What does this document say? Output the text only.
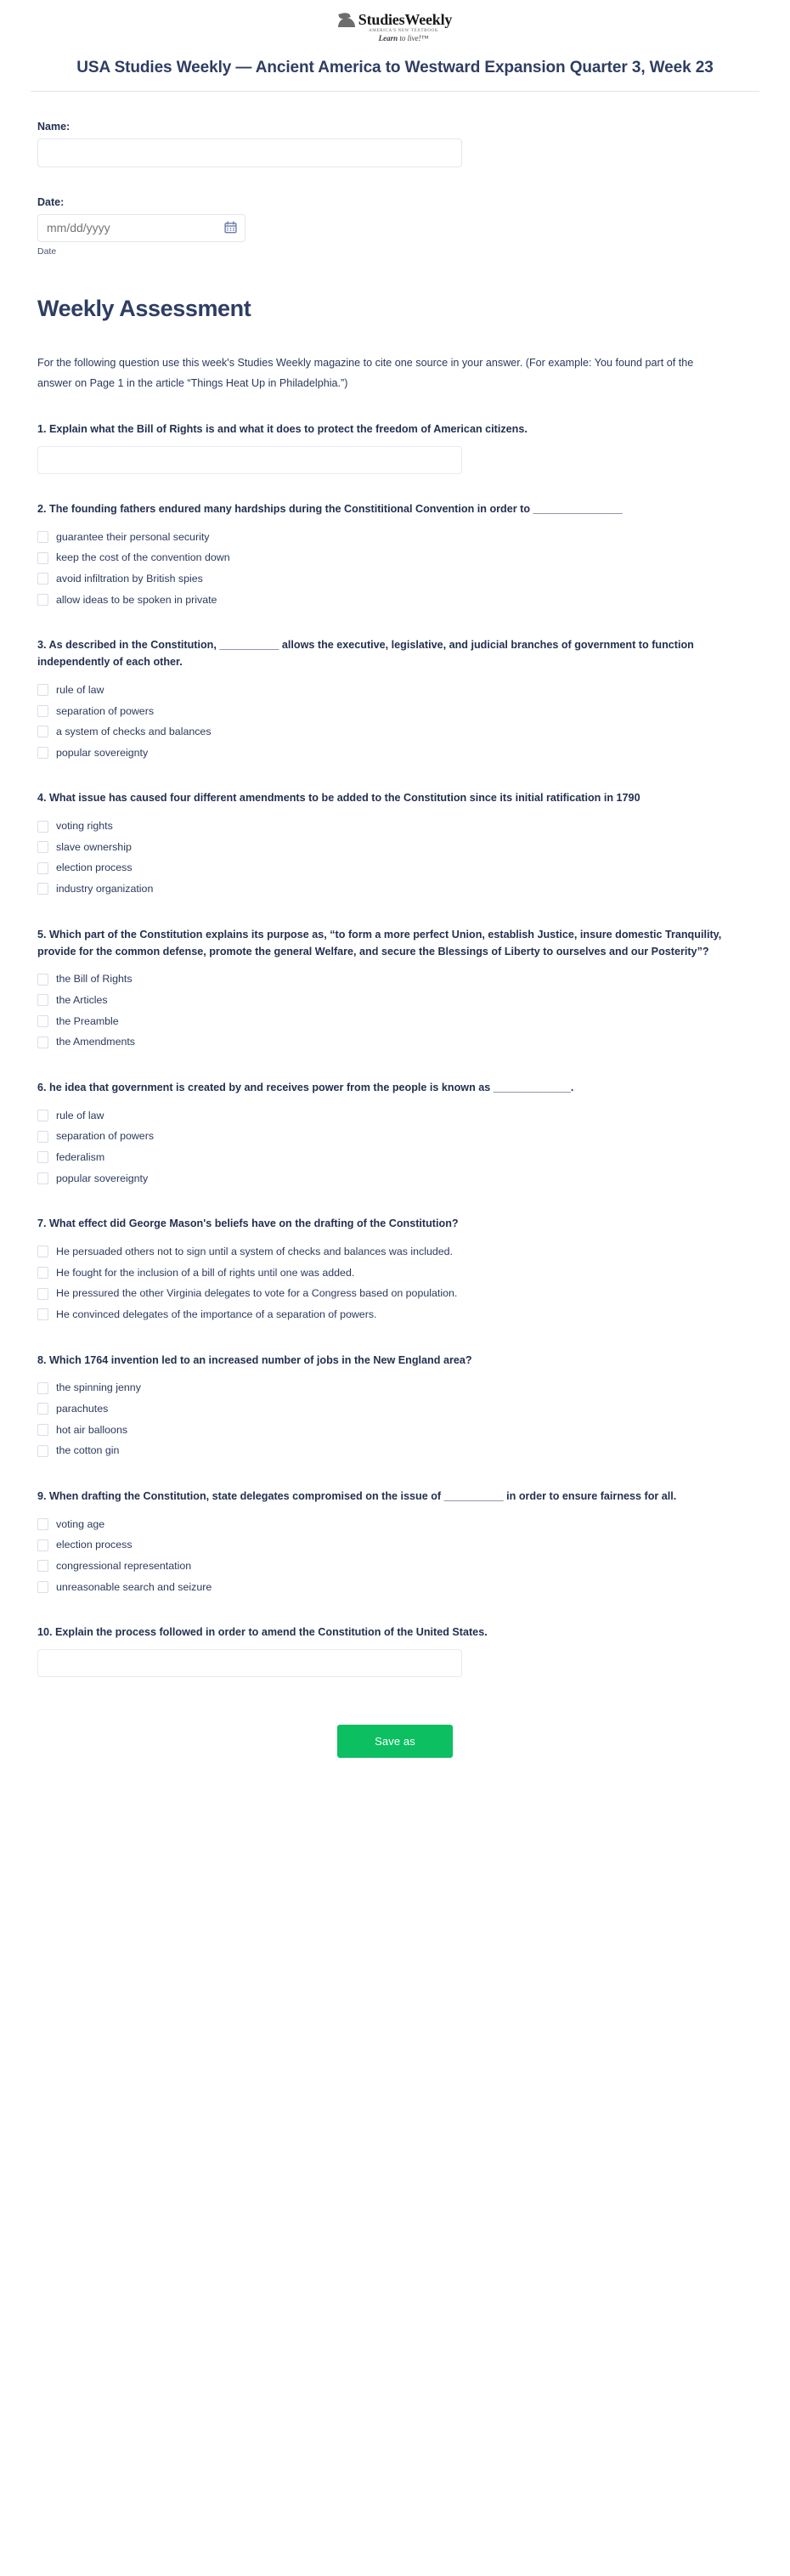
StudiesWeekly
AMERICA'S NEW TEXTBOOK
Learn to live!™
USA Studies Weekly — Ancient America to Westward Expansion Quarter 3, Week 23
Name:
Date:
mm/dd/yyyy
Date
Weekly Assessment
For the following question use this week's Studies Weekly magazine to cite one source in your answer. (For example: You found part of the answer on Page 1 in the article “Things Heat Up in Philadelphia.”)
1. Explain what the Bill of Rights is and what it does to protect the freedom of American citizens.
2. The founding fathers endured many hardships during the Constititional Convention in order to _______________
guarantee their personal security
keep the cost of the convention down
avoid infiltration by British spies
allow ideas to be spoken in private
3. As described in the Constitution, __________ allows the executive, legislative, and judicial branches of government to function independently of each other.
rule of law
separation of powers
a system of checks and balances
popular sovereignty
4. What issue has caused four different amendments to be added to the Constitution since its initial ratification in 1790
voting rights
slave ownership
election process
industry organization
5. Which part of the Constitution explains its purpose as, “to form a more perfect Union, establish Justice, insure domestic Tranquility, provide for the common defense, promote the general Welfare, and secure the Blessings of Liberty to ourselves and our Posterity”?
the Bill of Rights
the Articles
the Preamble
the Amendments
6. he idea that government is created by and receives power from the people is known as _____________.
rule of law
separation of powers
federalism
popular sovereignty
7. What effect did George Mason's beliefs have on the drafting of the Constitution?
He persuaded others not to sign until a system of checks and balances was included.
He fought for the inclusion of a bill of rights until one was added.
He pressured the other Virginia delegates to vote for a Congress based on population.
He convinced delegates of the importance of a separation of powers.
8. Which 1764 invention led to an increased number of jobs in the New England area?
the spinning jenny
parachutes
hot air balloons
the cotton gin
9. When drafting the Constitution, state delegates compromised on the issue of __________ in order to ensure fairness for all.
voting age
election process
congressional representation
unreasonable search and seizure
10. Explain the process followed in order to amend the Constitution of the United States.
Save as
